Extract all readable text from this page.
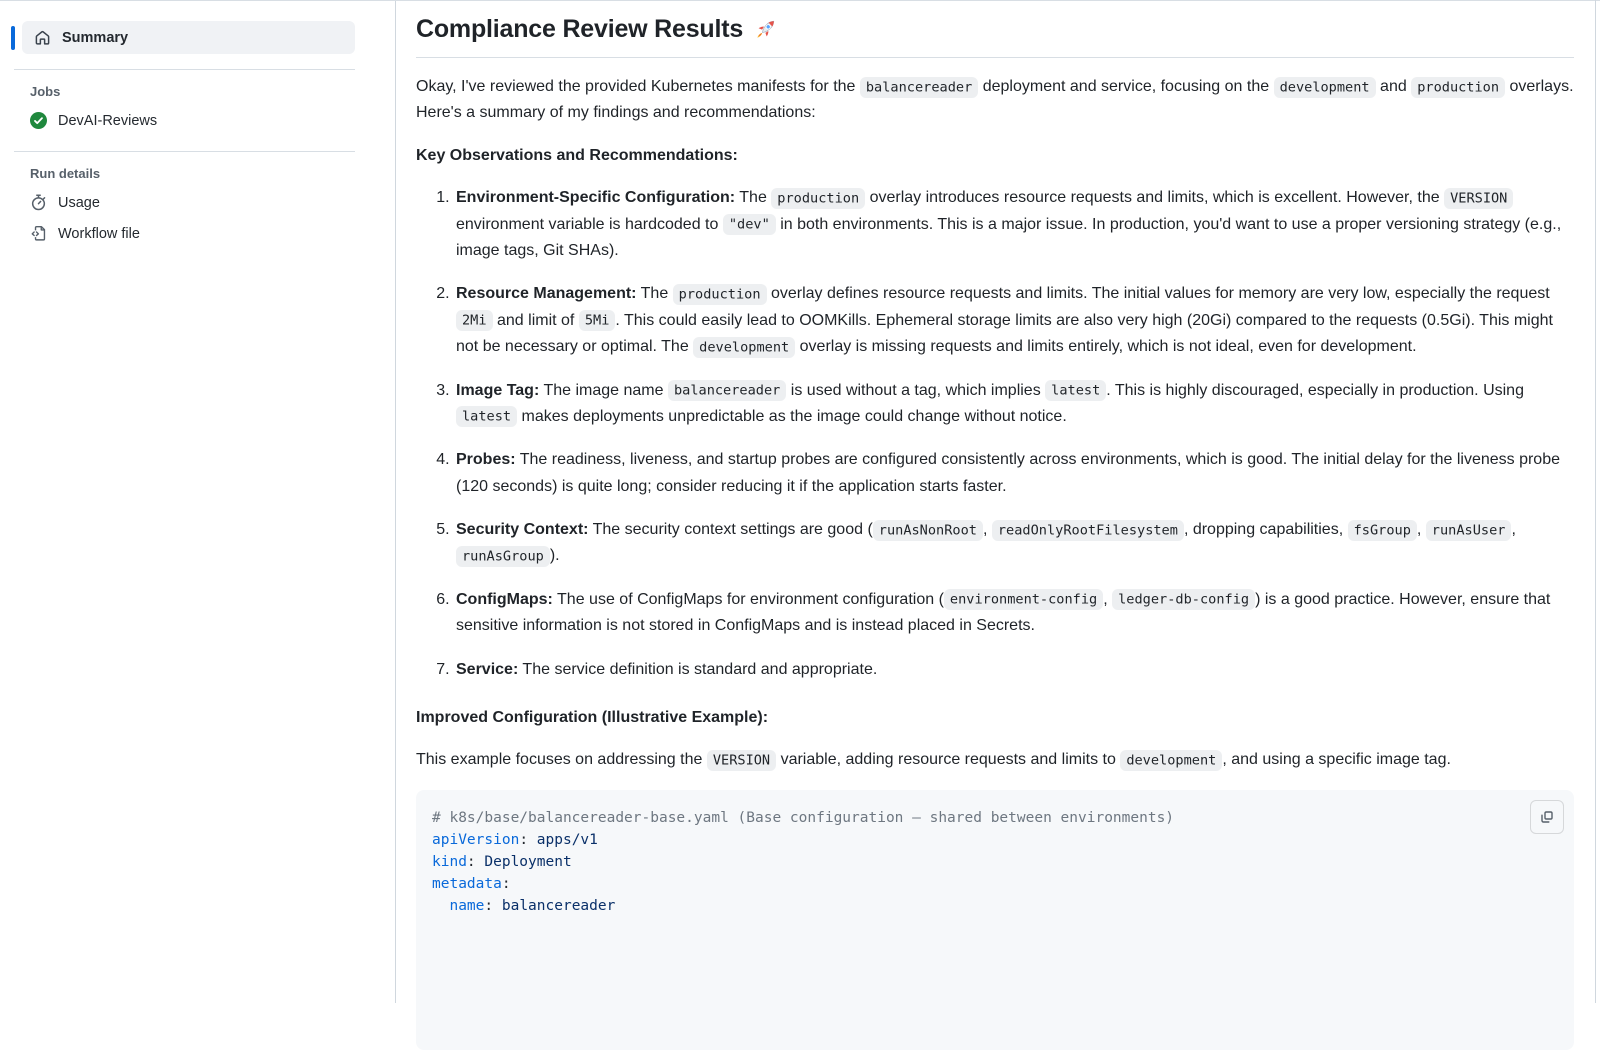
Summary
Jobs
DevAI-Reviews
Run details
Usage
Workflow file
Compliance Review Results

Okay, I've reviewed the provided Kubernetes manifests for the balancereader deployment and service, focusing on the development and production overlays. Here's a summary of my findings and recommendations:

Key Observations and Recommendations:

1. Environment-Specific Configuration: The production overlay introduces resource requests and limits, which is excellent. However, the VERSION environment variable is hardcoded to "dev" in both environments. This is a major issue. In production, you'd want to use a proper versioning strategy (e.g., image tags, Git SHAs).
2. Resource Management: The production overlay defines resource requests and limits. The initial values for memory are very low, especially the request 2Mi and limit of 5Mi . This could easily lead to OOMKills. Ephemeral storage limits are also very high (20Gi) compared to the requests (0.5Gi). This might not be necessary or optimal. The development overlay is missing requests and limits entirely, which is not ideal, even for development.
3. Image Tag: The image name balancereader is used without a tag, which implies latest . This is highly discouraged, especially in production. Using latest makes deployments unpredictable as the image could change without notice.
4. Probes: The readiness, liveness, and startup probes are configured consistently across environments, which is good. The initial delay for the liveness probe (120 seconds) is quite long; consider reducing it if the application starts faster.
5. Security Context: The security context settings are good ( runAsNonRoot , readOnlyRootFilesystem , dropping capabilities, fsGroup , runAsUser , runAsGroup ).
6. ConfigMaps: The use of ConfigMaps for environment configuration ( environment-config , ledger-db-config ) is a good practice. However, ensure that sensitive information is not stored in ConfigMaps and is instead placed in Secrets.
7. Service: The service definition is standard and appropriate.

Improved Configuration (Illustrative Example):

This example focuses on addressing the VERSION variable, adding resource requests and limits to development , and using a specific image tag.

# k8s/base/balancereader-base.yaml (Base configuration — shared between environments)
apiVersion: apps/v1
kind: Deployment
metadata:
name: balancereader
